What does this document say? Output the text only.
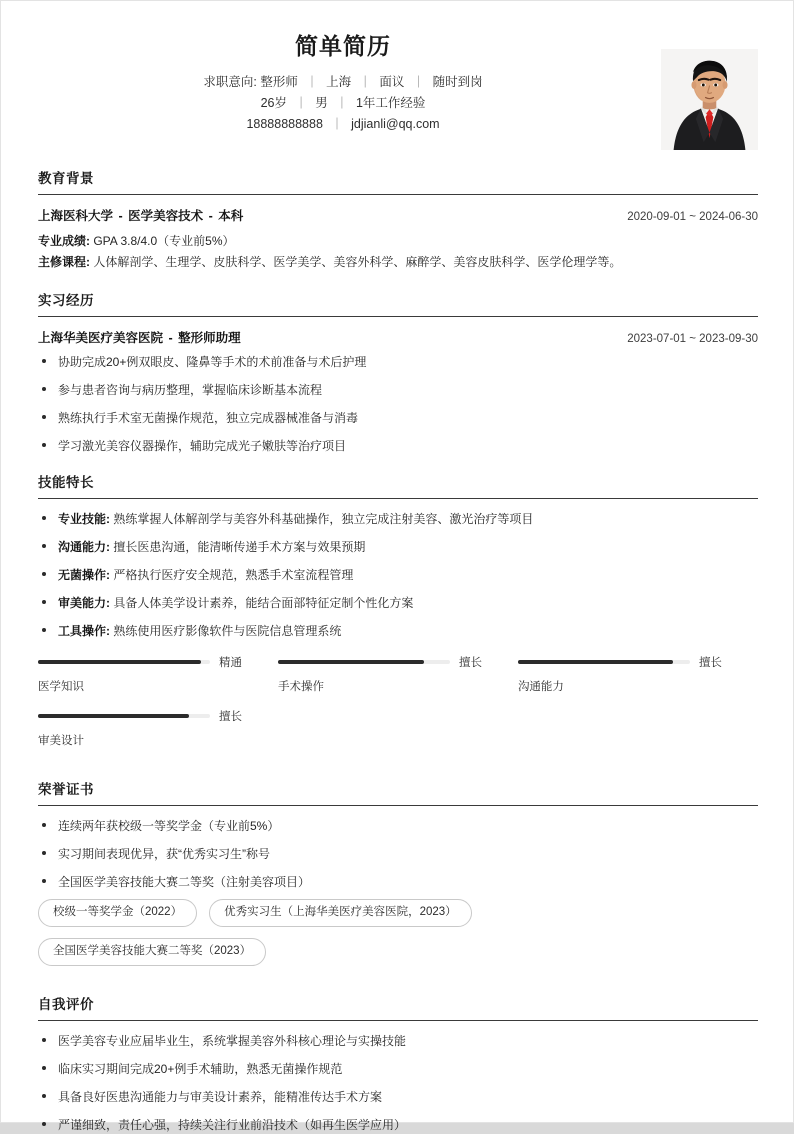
简单简历
求职意向: 整形师 | 上海 | 面议 | 随时到岗
26岁 | 男 | 1年工作经验
18888888888 | jdjianli@qq.com
教育背景
上海医科大学 - 医学美容技术 - 本科	2020-09-01 ~ 2024-06-30
专业成绩: GPA 3.8/4.0（专业前5%）
主修课程: 人体解剖学、生理学、皮肤科学、医学美学、美容外科学、麻醉学、美容皮肤科学、医学伦理学等。
实习经历
上海华美医疗美容医院 - 整形师助理	2023-07-01 ~ 2023-09-30
协助完成20+例双眼皮、隆鼻等手术的术前准备与术后护理
参与患者咨询与病历整理，掌握临床诊断基本流程
熟练执行手术室无菌操作规范，独立完成器械准备与消毒
学习激光美容仪器操作，辅助完成光子嫩肤等治疗项目
技能特长
专业技能: 熟练掌握人体解剖学与美容外科基础操作，独立完成注射美容、激光治疗等项目
沟通能力: 擅长医患沟通，能清晰传递手术方案与效果预期
无菌操作: 严格执行医疗安全规范，熟悉手术室流程管理
审美能力: 具备人体美学设计素养，能结合面部特征定制个性化方案
工具操作: 熟练使用医疗影像软件与医院信息管理系统
精通
医学知识
擅长
手术操作
擅长
沟通能力
擅长
审美设计
荣誉证书
连续两年获校级一等奖学金（专业前5%）
实习期间表现优异，获“优秀实习生”称号
全国医学美容技能大赛二等奖（注射美容项目）
校级一等奖学金（2022）	优秀实习生（上海华美医疗美容医院，2023）
全国医学美容技能大赛二等奖（2023）
自我评价
医学美容专业应届毕业生，系统掌握美容外科核心理论与实操技能
临床实习期间完成20+例手术辅助，熟悉无菌操作规范
具备良好医患沟通能力与审美设计素养，能精准传达手术方案
严谨细致，责任心强，持续关注行业前沿技术（如再生医学应用）
